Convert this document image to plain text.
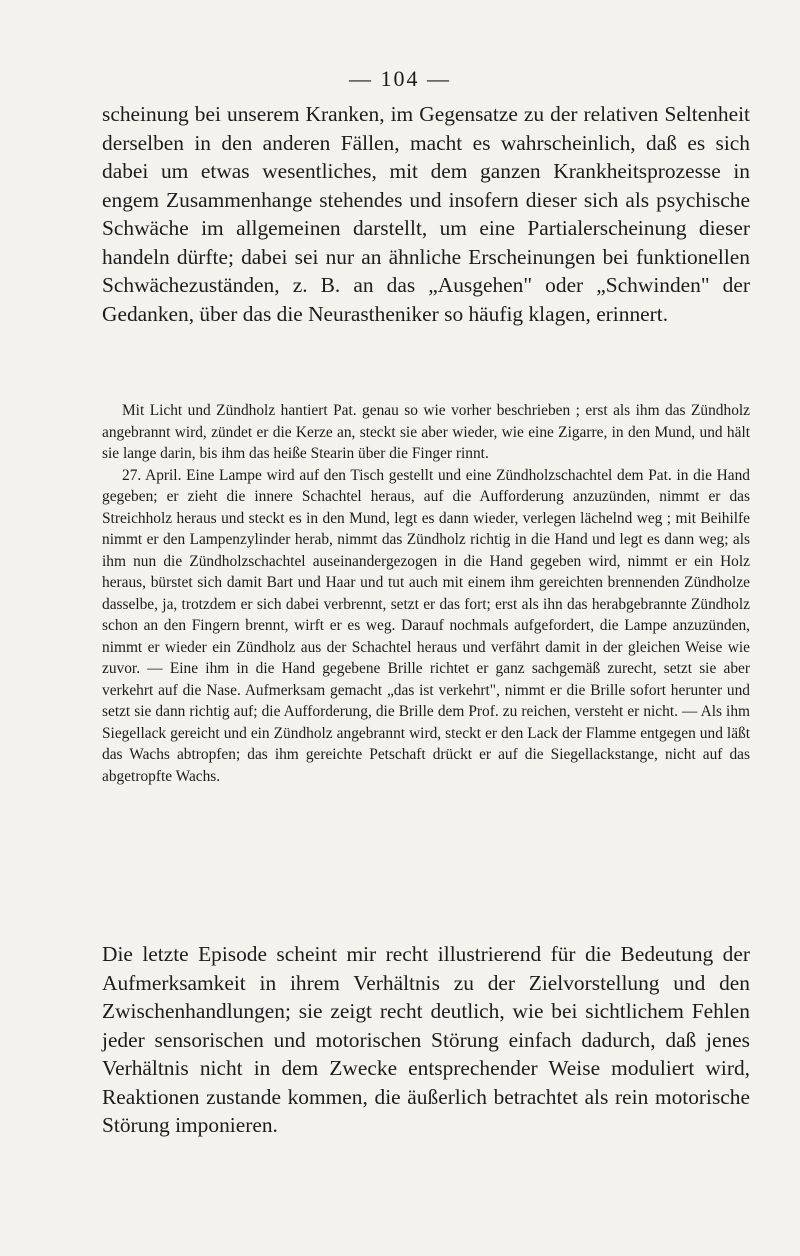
— 104 —

scheinung bei unserem Kranken, im Gegensatze zu der relativen Seltenheit derselben in den anderen Fällen, macht es wahrscheinlich, daß es sich dabei um etwas wesentliches, mit dem ganzen Krankheitsprozesse in engem Zusammenhange stehendes und insofern dieser sich als psychische Schwäche im allgemeinen darstellt, um eine Partialerscheinung dieser handeln dürfte; dabei sei nur an ähnliche Erscheinungen bei funktionellen Schwächezuständen, z. B. an das „Ausgehen" oder „Schwinden" der Gedanken, über das die Neurastheniker so häufig klagen, erinnert.

Mit Licht und Zündholz hantiert Pat. genau so wie vorher beschrieben ; erst als ihm das Zündholz angebrannt wird, zündet er die Kerze an, steckt sie aber wieder, wie eine Zigarre, in den Mund, und hält sie lange darin, bis ihm das heiße Stearin über die Finger rinnt.

27. April. Eine Lampe wird auf den Tisch gestellt und eine Zündholzschachtel dem Pat. in die Hand gegeben; er zieht die innere Schachtel heraus, auf die Aufforderung anzuzünden, nimmt er das Streichholz heraus und steckt es in den Mund, legt es dann wieder, verlegen lächelnd weg ; mit Beihilfe nimmt er den Lampenzylinder herab, nimmt das Zündholz richtig in die Hand und legt es dann weg; als ihm nun die Zündholzschachtel auseinandergezogen in die Hand gegeben wird, nimmt er ein Holz heraus, bürstet sich damit Bart und Haar und tut auch mit einem ihm gereichten brennenden Zündholze dasselbe, ja, trotzdem er sich dabei verbrennt, setzt er das fort; erst als ihn das herabgebrannte Zündholz schon an den Fingern brennt, wirft er es weg. Darauf nochmals aufgefordert, die Lampe anzuzünden, nimmt er wieder ein Zündholz aus der Schachtel heraus und verfährt damit in der gleichen Weise wie zuvor. — Eine ihm in die Hand gegebene Brille richtet er ganz sachgemäß zurecht, setzt sie aber verkehrt auf die Nase. Aufmerksam gemacht „das ist verkehrt", nimmt er die Brille sofort herunter und setzt sie dann richtig auf; die Aufforderung, die Brille dem Prof. zu reichen, versteht er nicht. — Als ihm Siegellack gereicht und ein Zündholz angebrannt wird, steckt er den Lack der Flamme entgegen und läßt das Wachs abtropfen; das ihm gereichte Petschaft drückt er auf die Siegellackstange, nicht auf das abgetropfte Wachs.

Die letzte Episode scheint mir recht illustrierend für die Bedeutung der Aufmerksamkeit in ihrem Verhältnis zu der Zielvorstellung und den Zwischenhandlungen; sie zeigt recht deutlich, wie bei sichtlichem Fehlen jeder sensorischen und motorischen Störung einfach dadurch, daß jenes Verhältnis nicht in dem Zwecke entsprechender Weise moduliert wird, Reaktionen zustande kommen, die äußerlich betrachtet als rein motorische Störung imponieren.
